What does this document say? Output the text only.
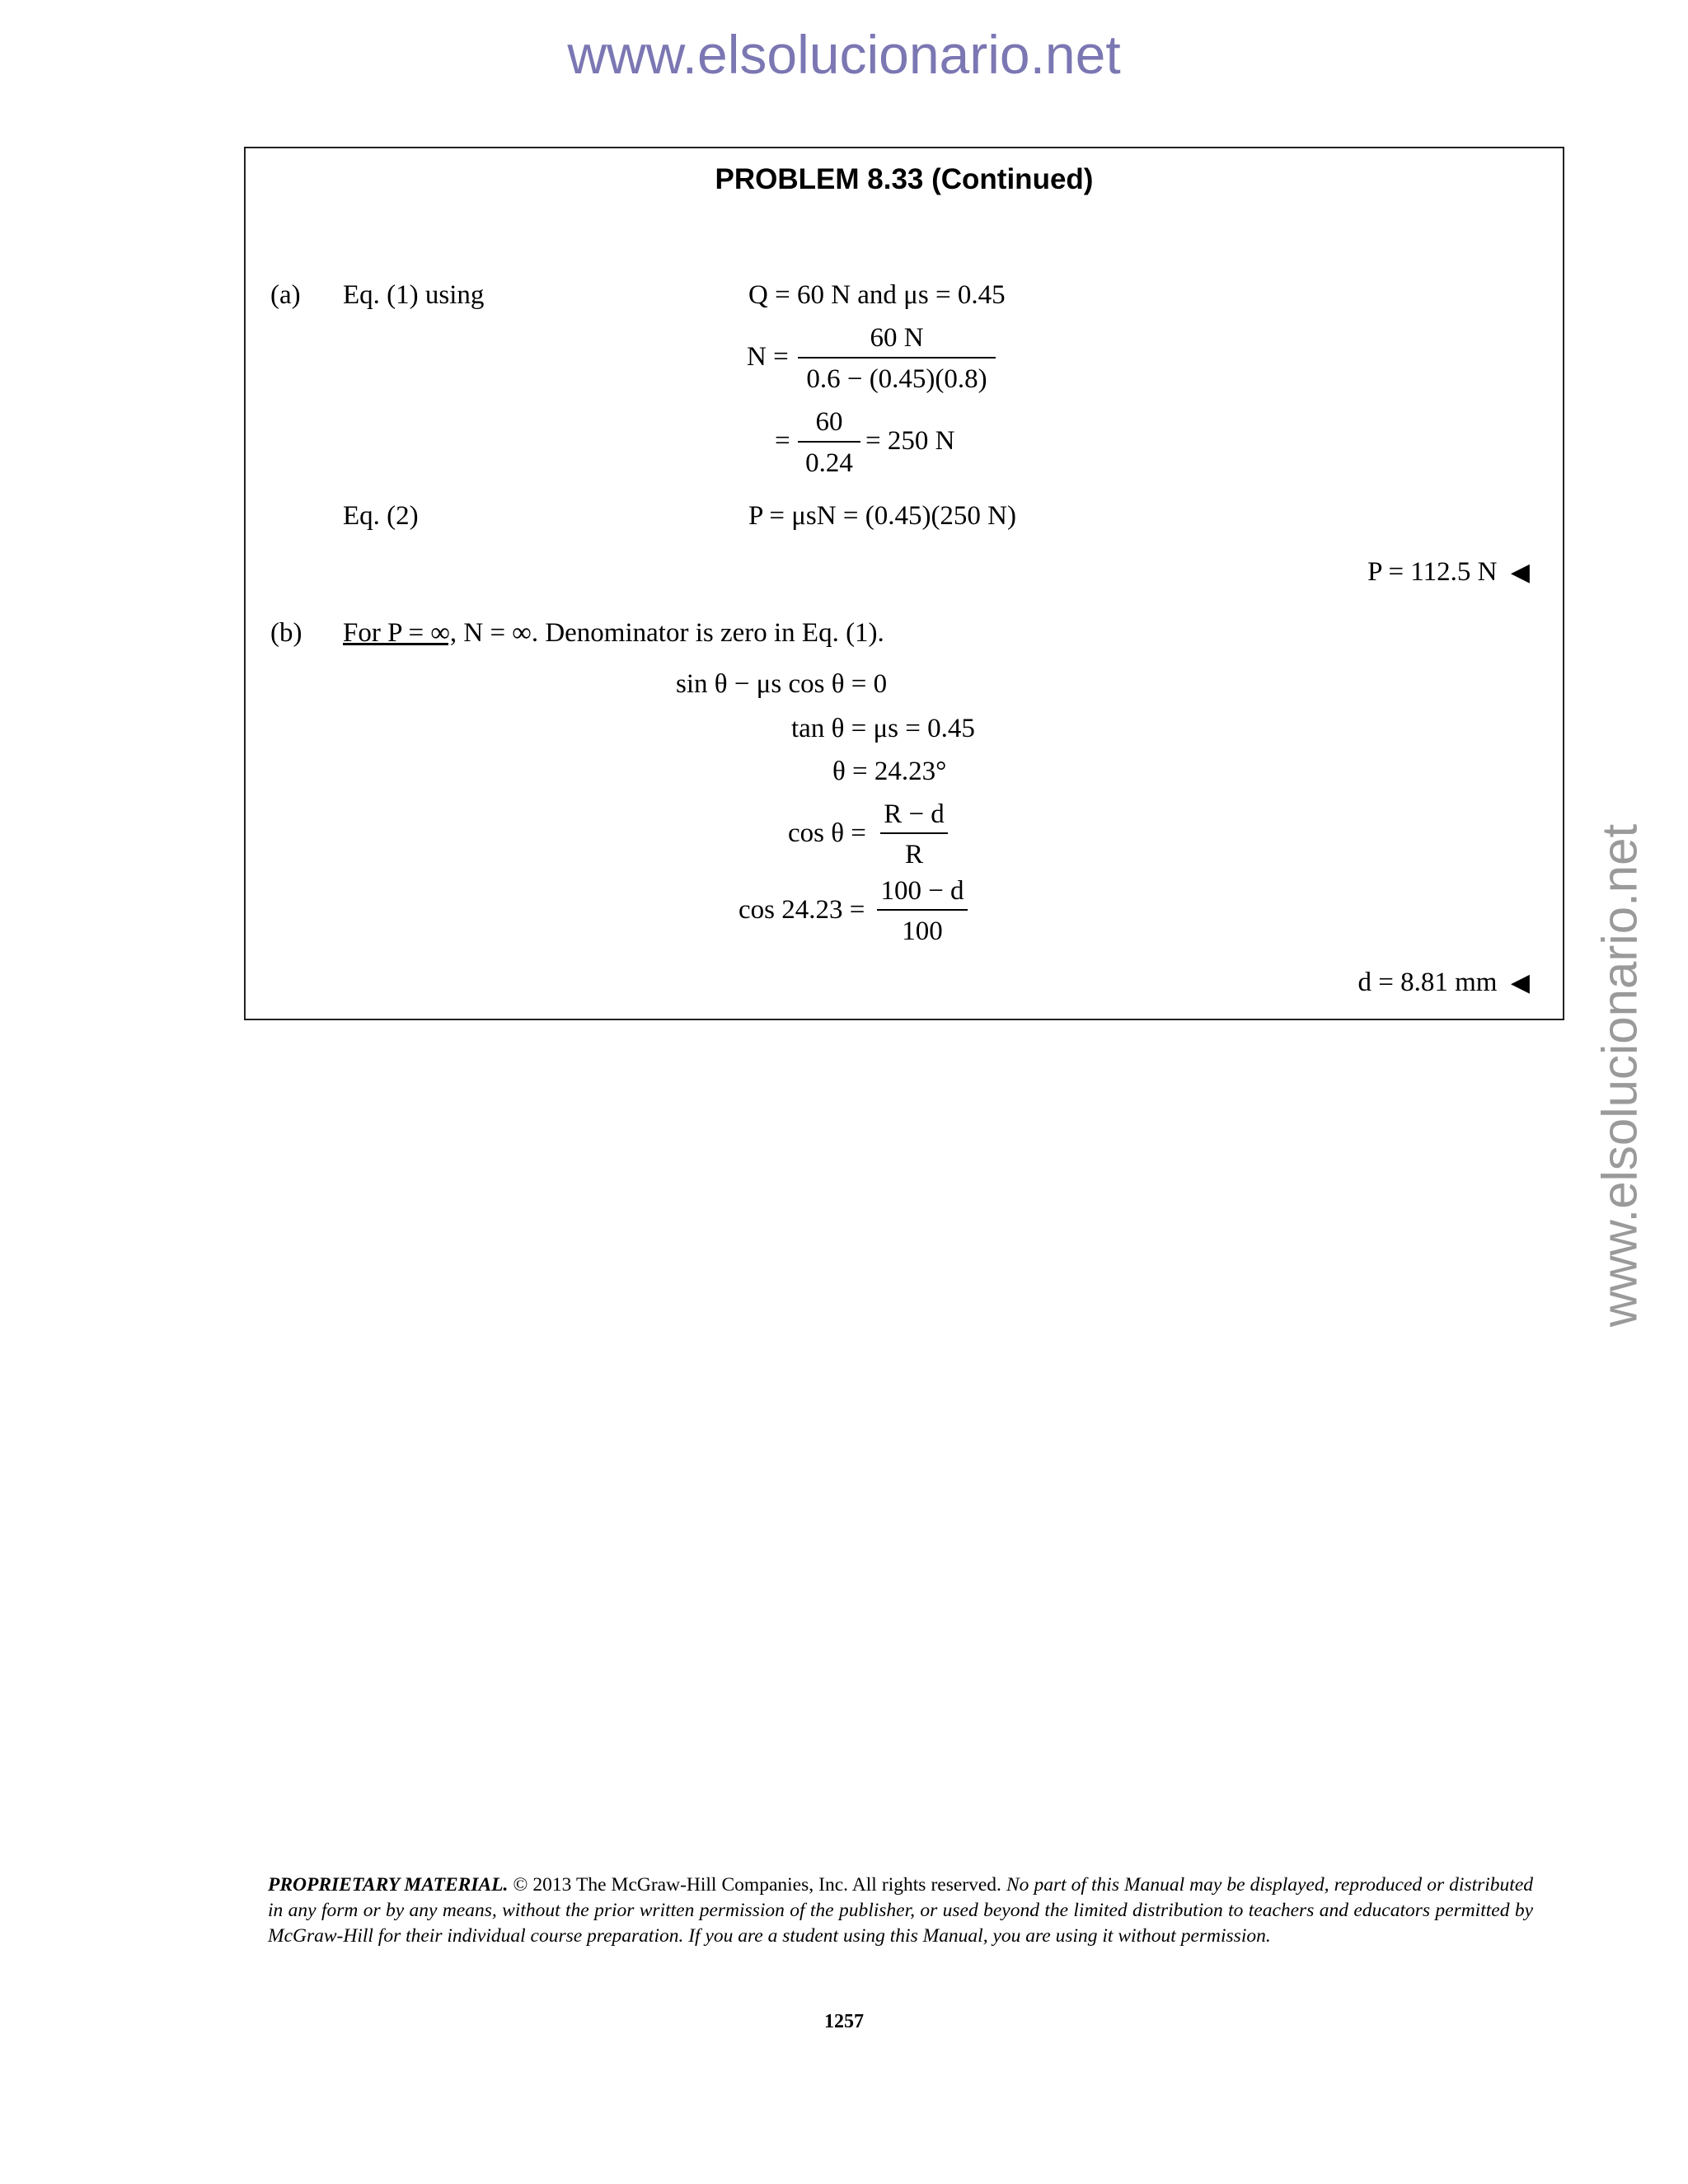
www.elsolucionario.net
www.elsolucionario.net
PROBLEM 8.33 (Continued)
(a) Eq. (1) using	Q = 60 N and μs = 0.45
N =
60 N
0.6 − (0.45)(0.8)
=
60
0.24
= 250 N
Eq. (2)	P = μsN = (0.45)(250 N)
P = 112.5 N ◀
(b) For P = ∞, N = ∞. Denominator is zero in Eq. (1).
sin θ − μs cos θ = 0
tan θ = μs = 0.45
θ = 24.23°
cos θ =
R − d
R
cos 24.23 =
100 − d
100
d = 8.81 mm ◀
PROPRIETARY MATERIAL. © 2013 The McGraw-Hill Companies, Inc. All rights reserved. No part of this Manual may be displayed, reproduced or distributed in any form or by any means, without the prior written permission of the publisher, or used beyond the limited distribution to teachers and educators permitted by McGraw-Hill for their individual course preparation. If you are a student using this Manual, you are using it without permission.
1257
